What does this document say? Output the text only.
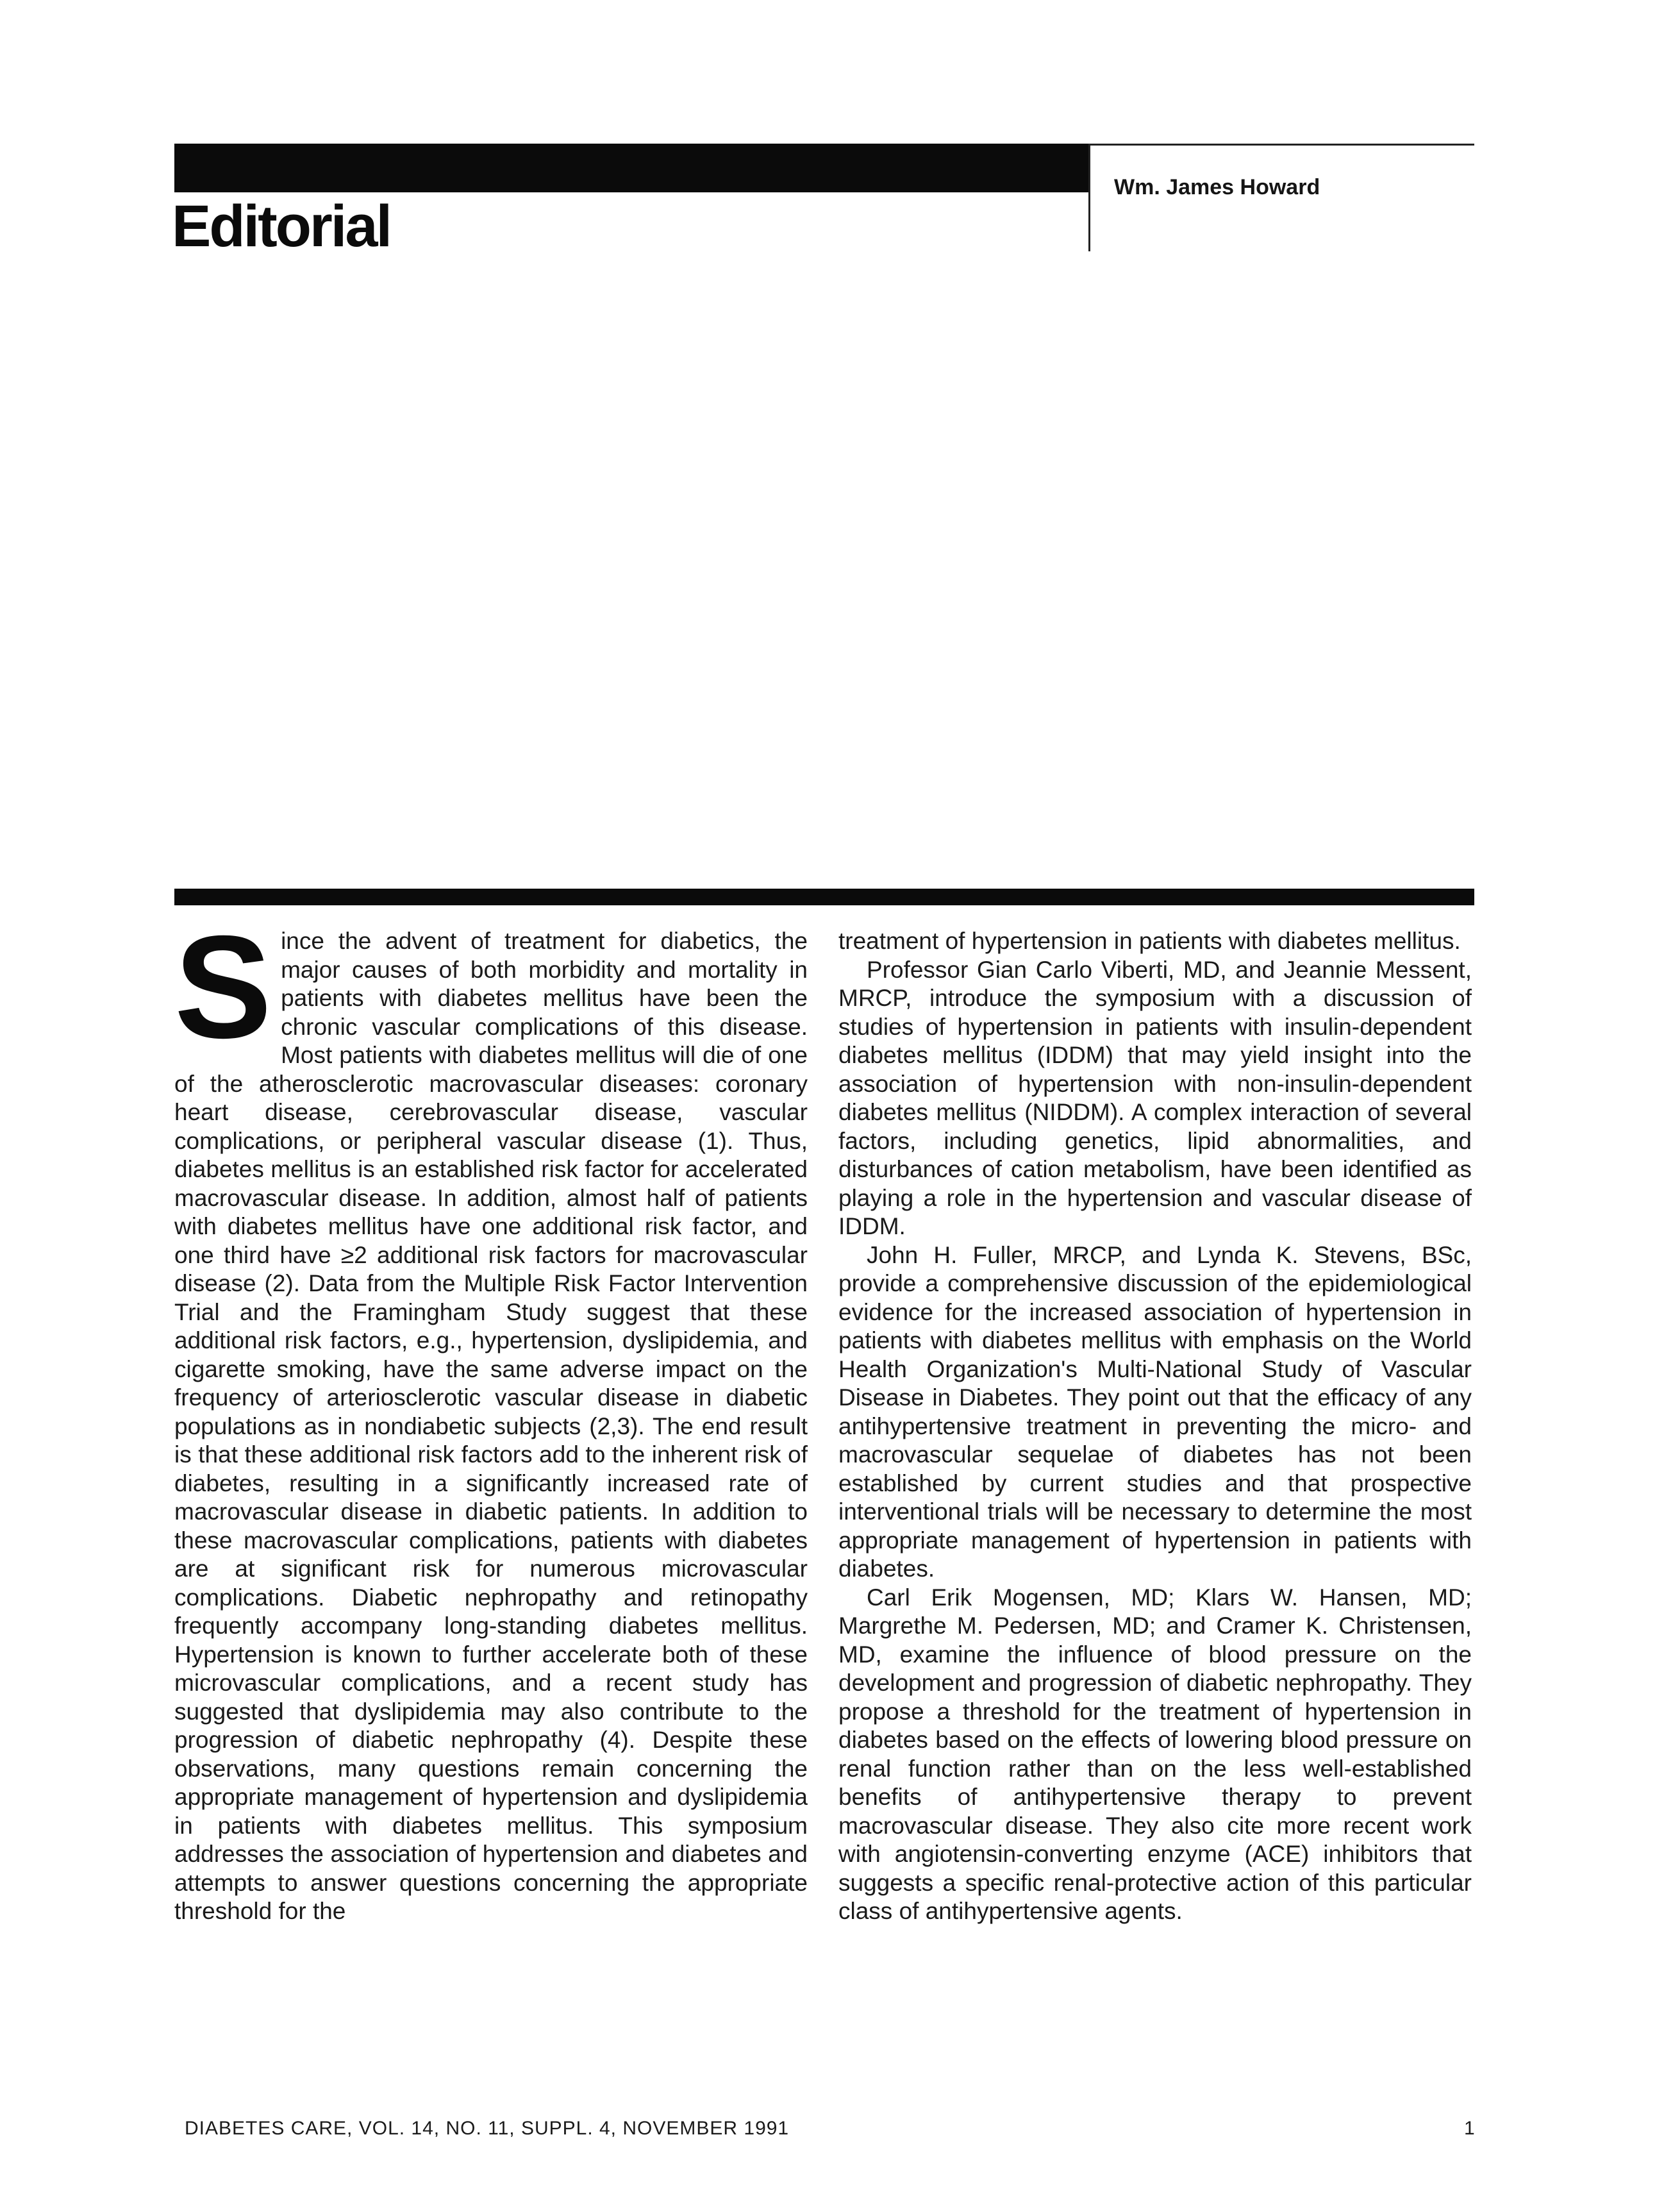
Editorial
Wm. James Howard

Since the advent of treatment for diabetics, the major causes of both morbidity and mortality in patients with diabetes mellitus have been the chronic vascular complications of this disease. Most patients with diabetes mellitus will die of one of the atherosclerotic macrovascular diseases: coronary heart disease, cerebrovascular disease, vascular complications, or peripheral vascular disease (1). Thus, diabetes mellitus is an established risk factor for accelerated macrovascular disease. In addition, almost half of patients with diabetes mellitus have one additional risk factor, and one third have ≥2 additional risk factors for macrovascular disease (2). Data from the Multiple Risk Factor Intervention Trial and the Framingham Study suggest that these additional risk factors, e.g., hypertension, dyslipidemia, and cigarette smoking, have the same adverse impact on the frequency of arteriosclerotic vascular disease in diabetic populations as in nondiabetic subjects (2,3). The end result is that these additional risk factors add to the inherent risk of diabetes, resulting in a significantly increased rate of macrovascular disease in diabetic patients. In addition to these macrovascular complications, patients with diabetes are at significant risk for numerous microvascular complications. Diabetic nephropathy and retinopathy frequently accompany long-standing diabetes mellitus. Hypertension is known to further accelerate both of these microvascular complications, and a recent study has suggested that dyslipidemia may also contribute to the progression of diabetic nephropathy (4). Despite these observations, many questions remain concerning the appropriate management of hypertension and dyslipidemia in patients with diabetes mellitus. This symposium addresses the association of hypertension and diabetes and attempts to answer questions concerning the appropriate threshold for the

treatment of hypertension in patients with diabetes mellitus.

Professor Gian Carlo Viberti, MD, and Jeannie Messent, MRCP, introduce the symposium with a discussion of studies of hypertension in patients with insulin-dependent diabetes mellitus (IDDM) that may yield insight into the association of hypertension with non-insulin-dependent diabetes mellitus (NIDDM). A complex interaction of several factors, including genetics, lipid abnormalities, and disturbances of cation metabolism, have been identified as playing a role in the hypertension and vascular disease of IDDM.

John H. Fuller, MRCP, and Lynda K. Stevens, BSc, provide a comprehensive discussion of the epidemiological evidence for the increased association of hypertension in patients with diabetes mellitus with emphasis on the World Health Organization's Multi-National Study of Vascular Disease in Diabetes. They point out that the efficacy of any antihypertensive treatment in preventing the micro- and macrovascular sequelae of diabetes has not been established by current studies and that prospective interventional trials will be necessary to determine the most appropriate management of hypertension in patients with diabetes.

Carl Erik Mogensen, MD; Klars W. Hansen, MD; Margrethe M. Pedersen, MD; and Cramer K. Christensen, MD, examine the influence of blood pressure on the development and progression of diabetic nephropathy. They propose a threshold for the treatment of hypertension in diabetes based on the effects of lowering blood pressure on renal function rather than on the less well-established benefits of antihypertensive therapy to prevent macrovascular disease. They also cite more recent work with angiotensin-converting enzyme (ACE) inhibitors that suggests a specific renal-protective action of this particular class of antihypertensive agents.

DIABETES CARE, VOL. 14, NO. 11, SUPPL. 4, NOVEMBER 1991	1
